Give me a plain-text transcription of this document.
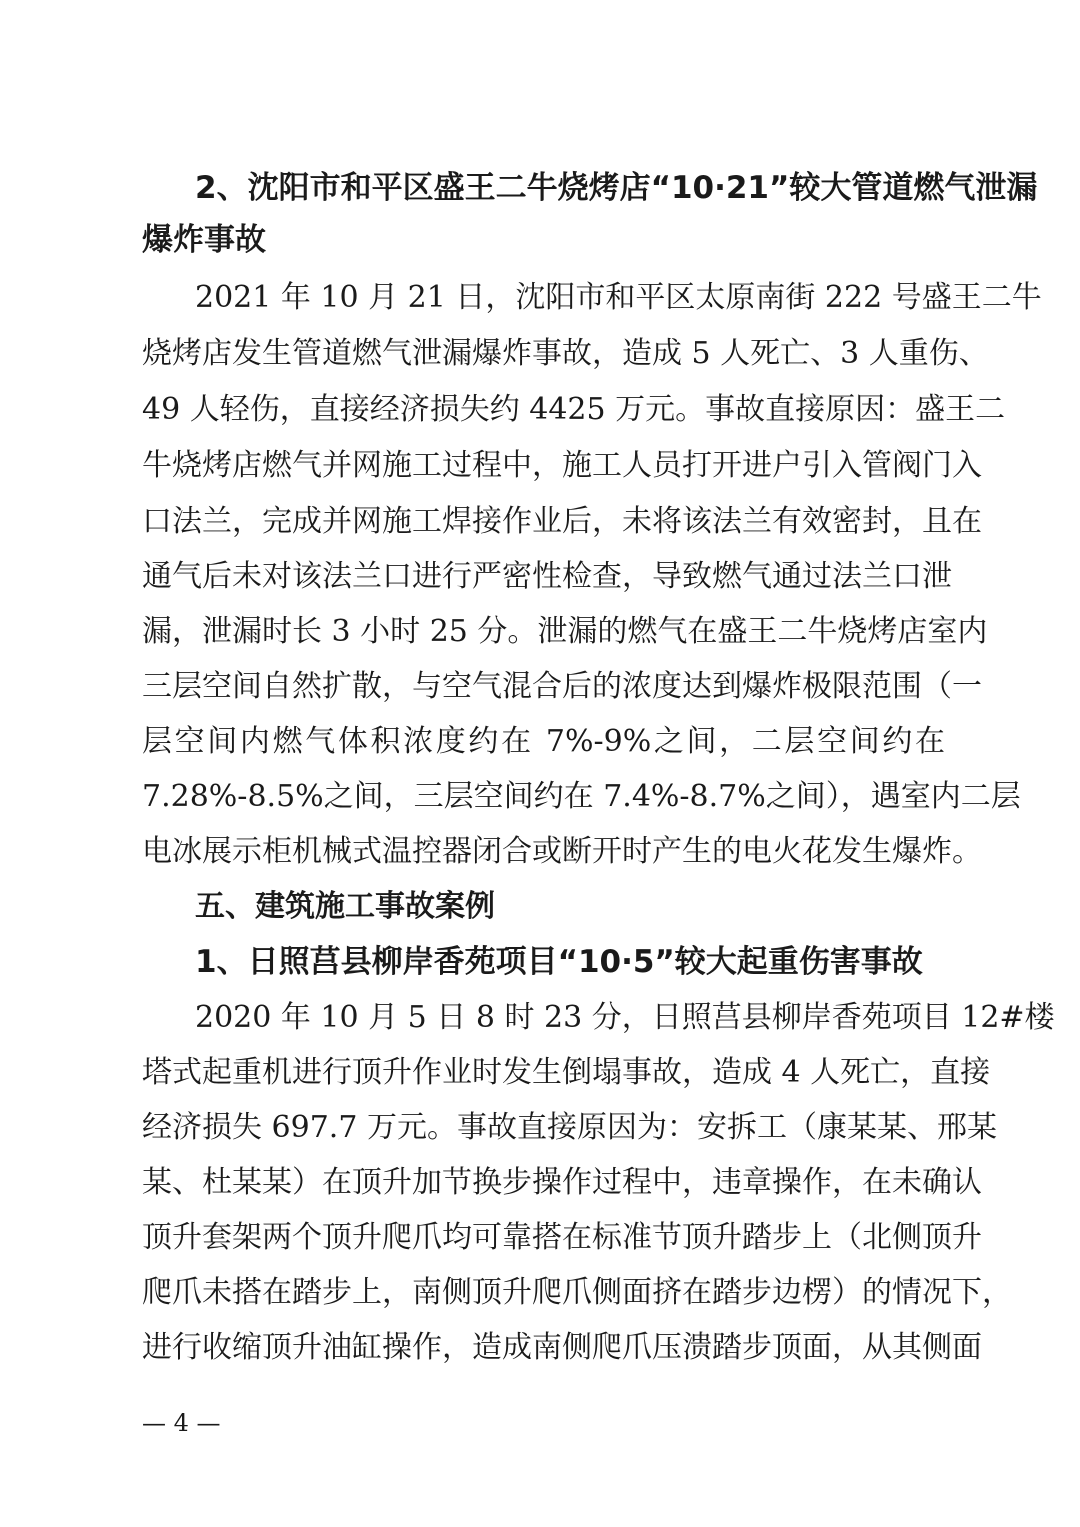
2、沈阳市和平区盛王二牛烧烤店“10·21”较大管道燃气泄漏
爆炸事故
2021 年 10 月 21 日，沈阳市和平区太原南街 222 号盛王二牛
烧烤店发生管道燃气泄漏爆炸事故，造成 5 人死亡、3 人重伤、
49 人轻伤，直接经济损失约 4425 万元。事故直接原因：盛王二
牛烧烤店燃气并网施工过程中，施工人员打开进户引入管阀门入
口法兰，完成并网施工焊接作业后，未将该法兰有效密封，且在
通气后未对该法兰口进行严密性检查，导致燃气通过法兰口泄
漏，泄漏时长 3 小时 25 分。泄漏的燃气在盛王二牛烧烤店室内
三层空间自然扩散，与空气混合后的浓度达到爆炸极限范围（一
层空间内燃气体积浓度约在 7%-9%之间，二层空间约在
7.28%-8.5%之间，三层空间约在 7.4%-8.7%之间），遇室内二层
电冰展示柜机械式温控器闭合或断开时产生的电火花发生爆炸。
五、建筑施工事故案例
1、日照莒县柳岸香苑项目“10·5”较大起重伤害事故
2020 年 10 月 5 日 8 时 23 分，日照莒县柳岸香苑项目 12#楼
塔式起重机进行顶升作业时发生倒塌事故，造成 4 人死亡，直接
经济损失 697.7 万元。事故直接原因为：安拆工（康某某、邢某
某、杜某某）在顶升加节换步操作过程中，违章操作，在未确认
顶升套架两个顶升爬爪均可靠搭在标准节顶升踏步上（北侧顶升
爬爪未搭在踏步上，南侧顶升爬爪侧面挤在踏步边楞）的情况下，
进行收缩顶升油缸操作，造成南侧爬爪压溃踏步顶面，从其侧面
— 4 —
